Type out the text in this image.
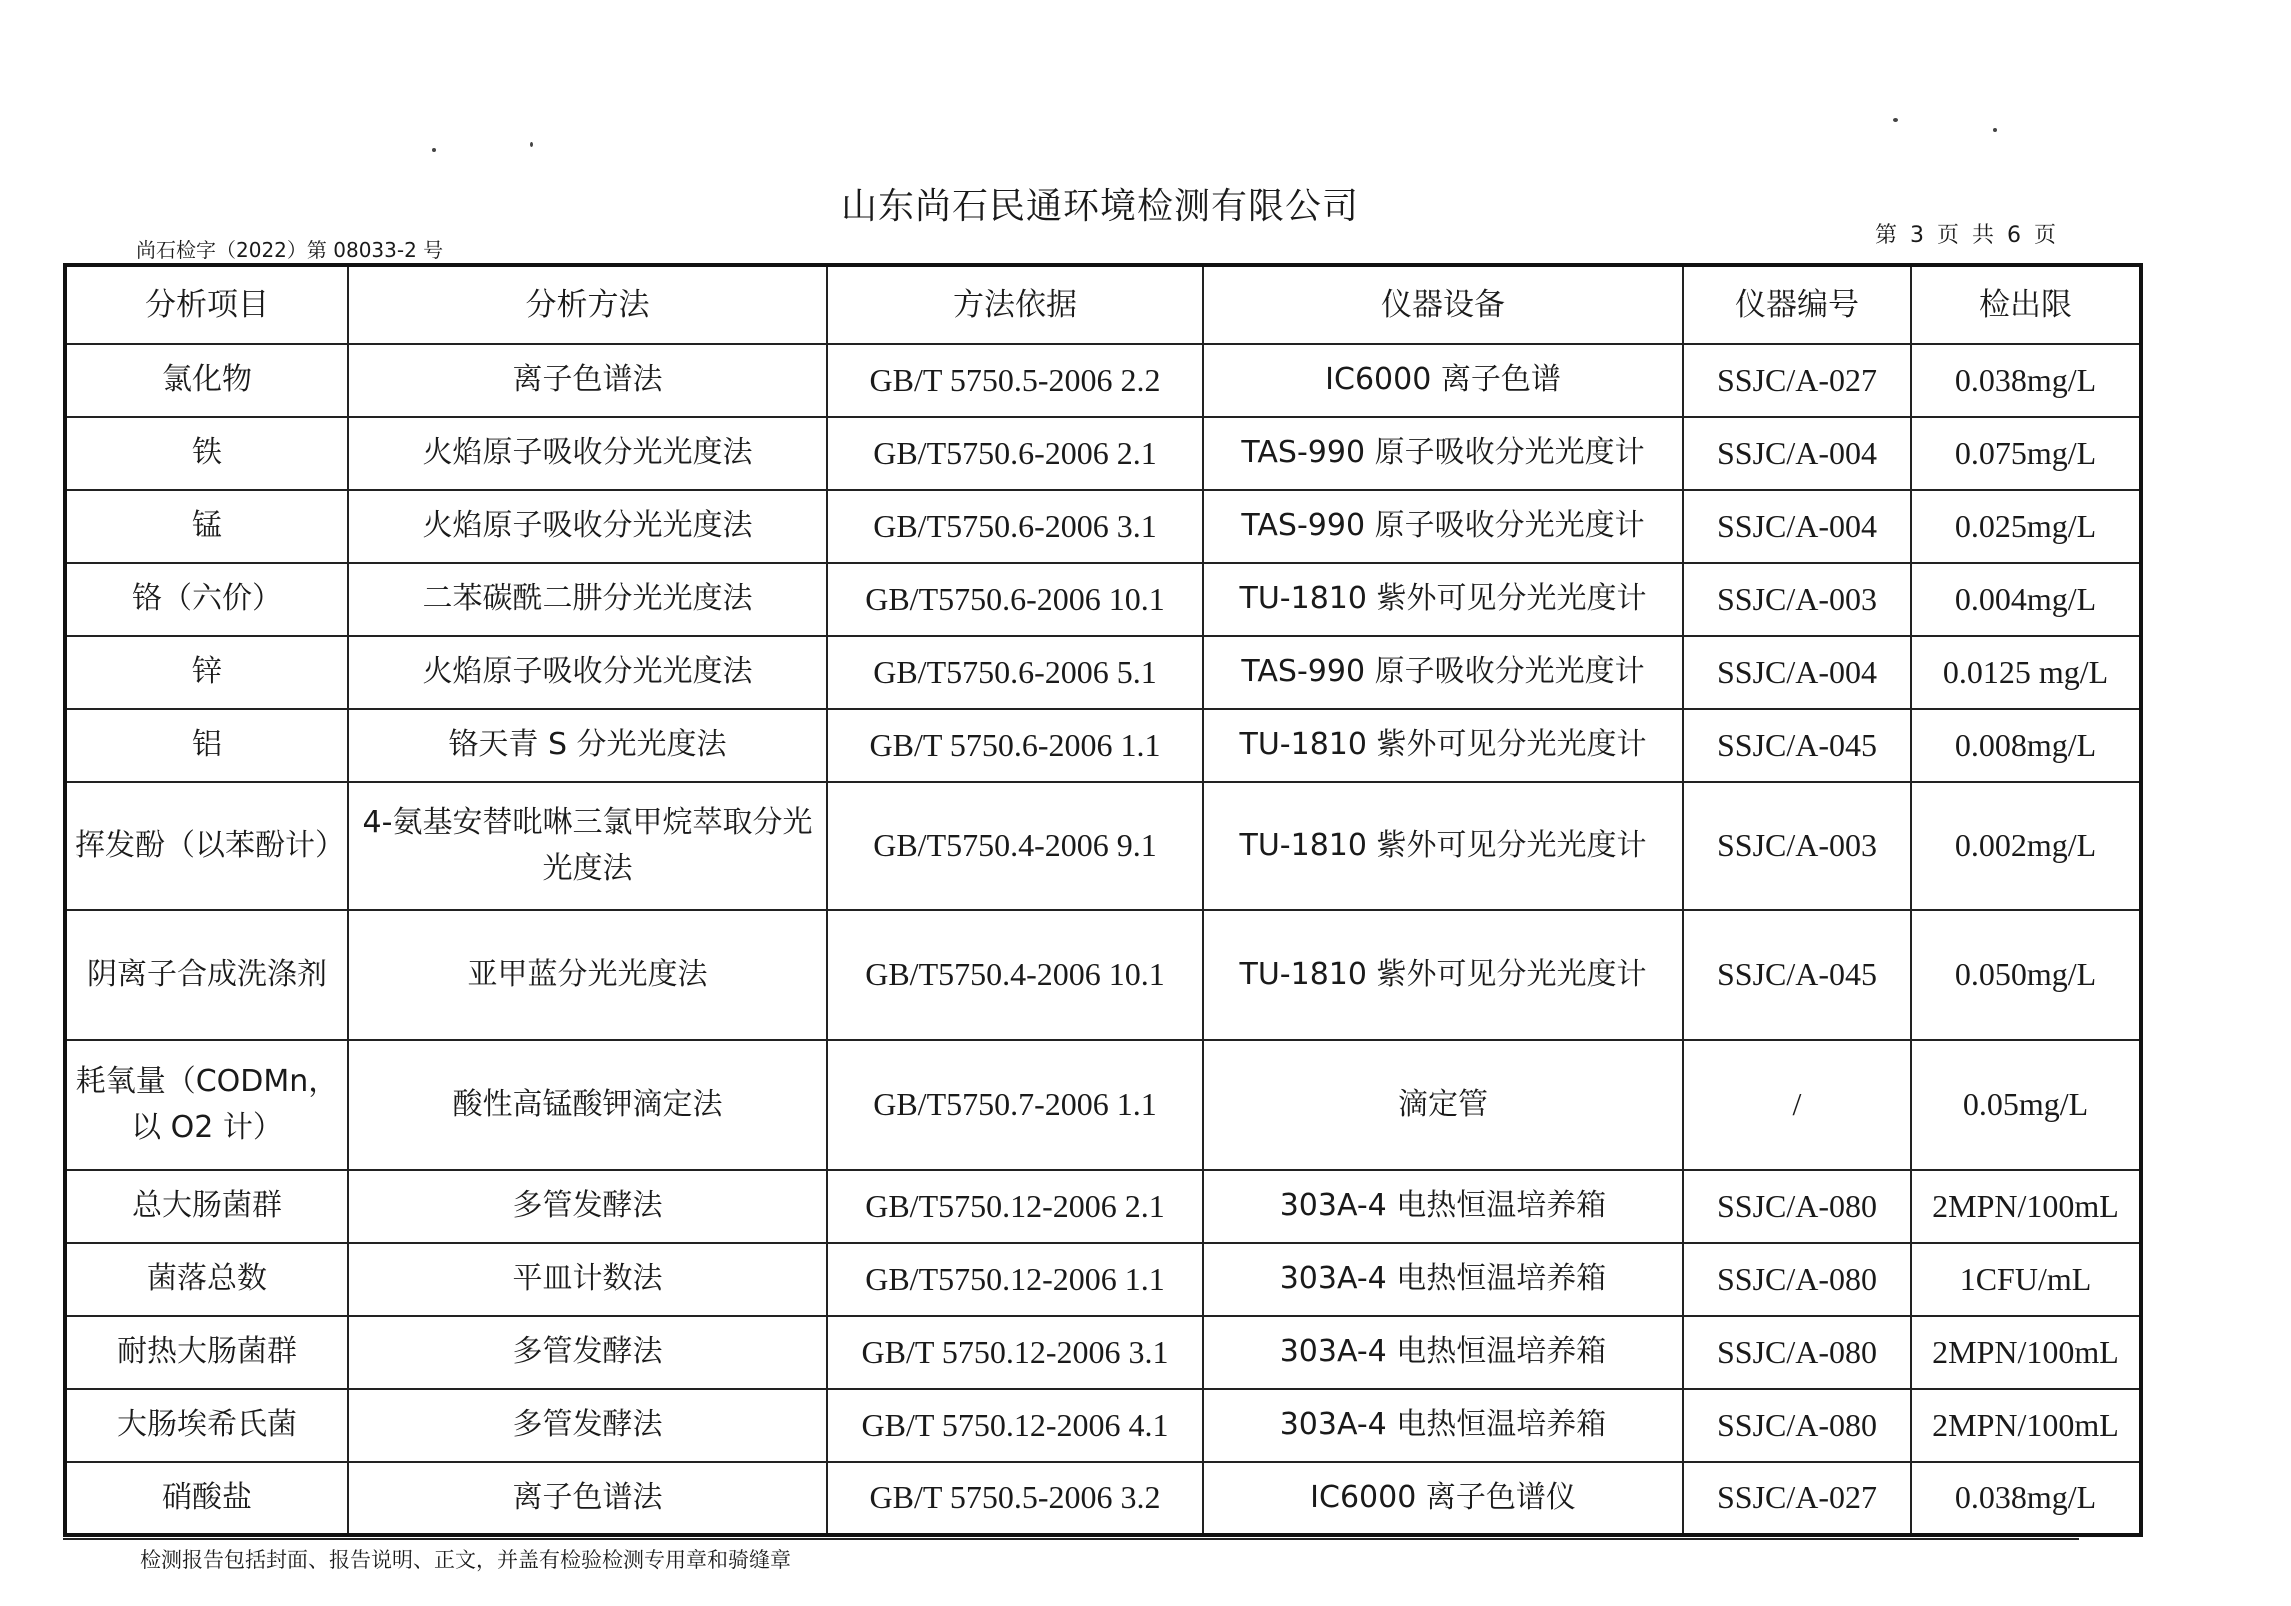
山东尚石民通环境检测有限公司
尚石检字（2022）第 08033-2 号
第 3 页 共 6 页
分析项目	分析方法	方法依据	仪器设备	仪器编号	检出限
氯化物	离子色谱法	GB/T 5750.5-2006 2.2	IC6000 离子色谱	SSJC/A-027	0.038mg/L
铁	火焰原子吸收分光光度法	GB/T5750.6-2006 2.1	TAS-990 原子吸收分光光度计	SSJC/A-004	0.075mg/L
锰	火焰原子吸收分光光度法	GB/T5750.6-2006 3.1	TAS-990 原子吸收分光光度计	SSJC/A-004	0.025mg/L
铬（六价）	二苯碳酰二肼分光光度法	GB/T5750.6-2006 10.1	TU-1810 紫外可见分光光度计	SSJC/A-003	0.004mg/L
锌	火焰原子吸收分光光度法	GB/T5750.6-2006 5.1	TAS-990 原子吸收分光光度计	SSJC/A-004	0.0125 mg/L
铝	铬天青 S 分光光度法	GB/T 5750.6-2006 1.1	TU-1810 紫外可见分光光度计	SSJC/A-045	0.008mg/L
挥发酚（以苯酚计）	4-氨基安替吡啉三氯甲烷萃取分光光度法	GB/T5750.4-2006 9.1	TU-1810 紫外可见分光光度计	SSJC/A-003	0.002mg/L
阴离子合成洗涤剂	亚甲蓝分光光度法	GB/T5750.4-2006 10.1	TU-1810 紫外可见分光光度计	SSJC/A-045	0.050mg/L
耗氧量（CODMn，以 O2 计）	酸性高锰酸钾滴定法	GB/T5750.7-2006 1.1	滴定管	/	0.05mg/L
总大肠菌群	多管发酵法	GB/T5750.12-2006 2.1	303A-4 电热恒温培养箱	SSJC/A-080	2MPN/100mL
菌落总数	平皿计数法	GB/T5750.12-2006 1.1	303A-4 电热恒温培养箱	SSJC/A-080	1CFU/mL
耐热大肠菌群	多管发酵法	GB/T 5750.12-2006 3.1	303A-4 电热恒温培养箱	SSJC/A-080	2MPN/100mL
大肠埃希氏菌	多管发酵法	GB/T 5750.12-2006 4.1	303A-4 电热恒温培养箱	SSJC/A-080	2MPN/100mL
硝酸盐	离子色谱法	GB/T 5750.5-2006 3.2	IC6000 离子色谱仪	SSJC/A-027	0.038mg/L
检测报告包括封面、报告说明、正文，并盖有检验检测专用章和骑缝章
